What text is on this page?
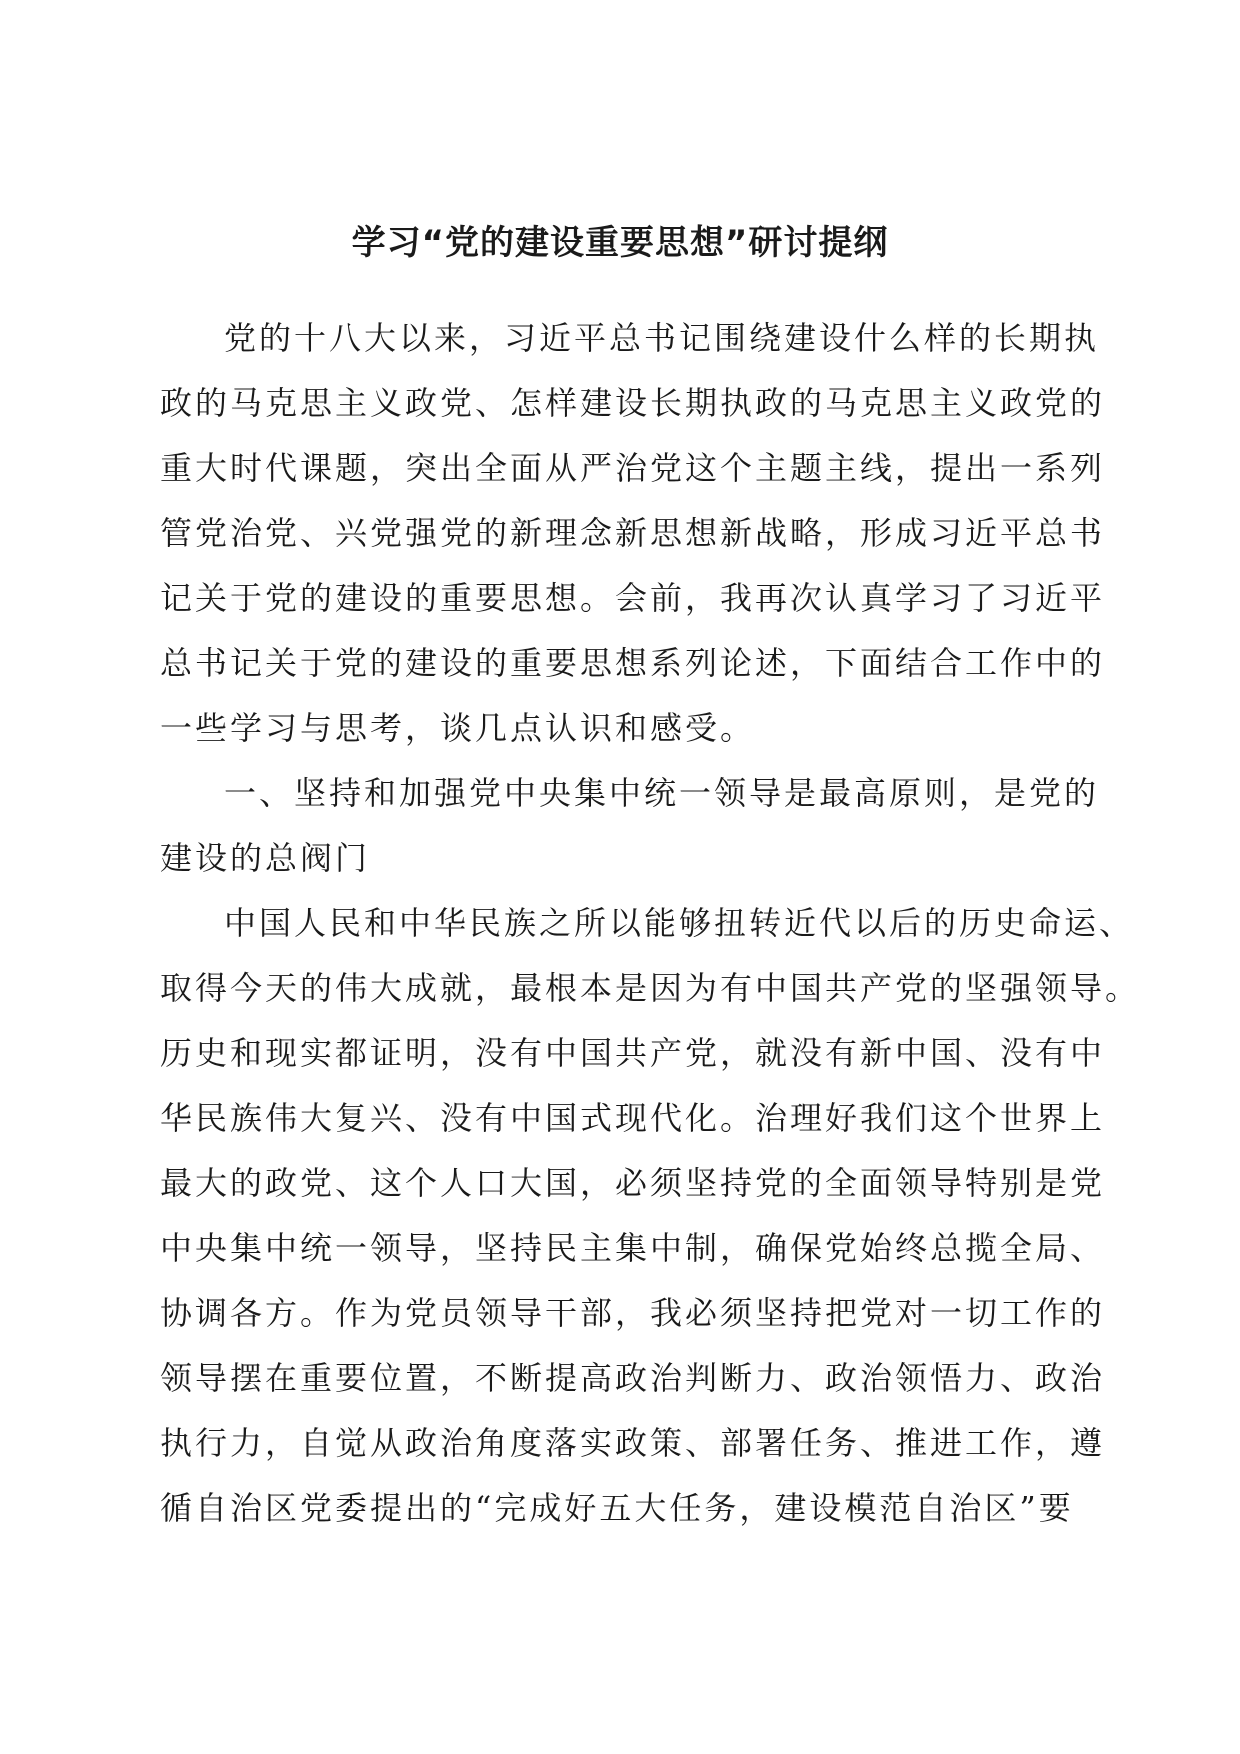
学习“党的建设重要思想”研讨提纲
党的十八大以来，习近平总书记围绕建设什么样的长期执
政的马克思主义政党、怎样建设长期执政的马克思主义政党的
重大时代课题，突出全面从严治党这个主题主线，提出一系列
管党治党、兴党强党的新理念新思想新战略，形成习近平总书
记关于党的建设的重要思想。会前，我再次认真学习了习近平
总书记关于党的建设的重要思想系列论述，下面结合工作中的
一些学习与思考，谈几点认识和感受。
一、坚持和加强党中央集中统一领导是最高原则，是党的
建设的总阀门
中国人民和中华民族之所以能够扭转近代以后的历史命运、
取得今天的伟大成就，最根本是因为有中国共产党的坚强领导。
历史和现实都证明，没有中国共产党，就没有新中国、没有中
华民族伟大复兴、没有中国式现代化。治理好我们这个世界上
最大的政党、这个人口大国，必须坚持党的全面领导特别是党
中央集中统一领导，坚持民主集中制，确保党始终总揽全局、
协调各方。作为党员领导干部，我必须坚持把党对一切工作的
领导摆在重要位置，不断提高政治判断力、政治领悟力、政治
执行力，自觉从政治角度落实政策、部署任务、推进工作，遵
循自治区党委提出的“完成好五大任务，建设模范自治区”要
